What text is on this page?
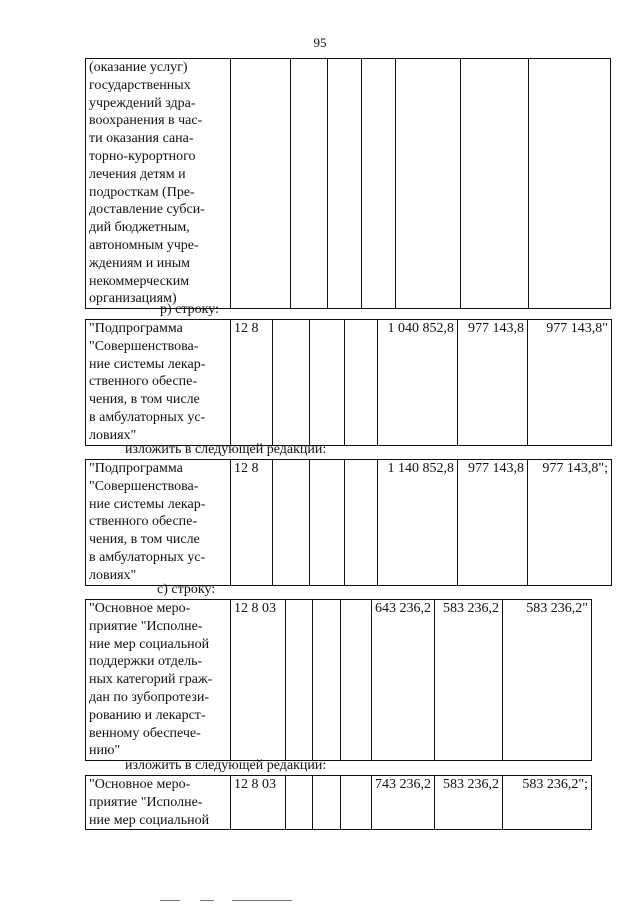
95
(оказание услуг)
государственных
учреждений здра-
воохранения в час-
ти оказания сана-
торно-курортного
лечения детям и
подросткам (Пре-
доставление субси-
дий бюджетным,
автономным учре-
ждениям и иным
некоммерческим
организациям)							
р) строку:
"Подпрограмма
"Совершенствова-
ние системы лекар-
ственного обеспе-
чения, в том числе
в амбулаторных ус-
ловиях"	12 8				1 040 852,8	977 143,8	977 143,8"
изложить в следующей редакции:
"Подпрограмма
"Совершенствова-
ние системы лекар-
ственного обеспе-
чения, в том числе
в амбулаторных ус-
ловиях"	12 8				1 140 852,8	977 143,8	977 143,8";
с) строку:
"Основное меро-
приятие "Исполне-
ние мер социальной
поддержки отдель-
ных категорий граж-
дан по зубопротези-
рованию и лекарст-
венному обеспече-
нию"	12 8 03				643 236,2	583 236,2	583 236,2"
изложить в следующей редакции:
"Основное меро-
приятие "Исполне-
ние мер социальной	12 8 03				743 236,2	583 236,2	583 236,2";
